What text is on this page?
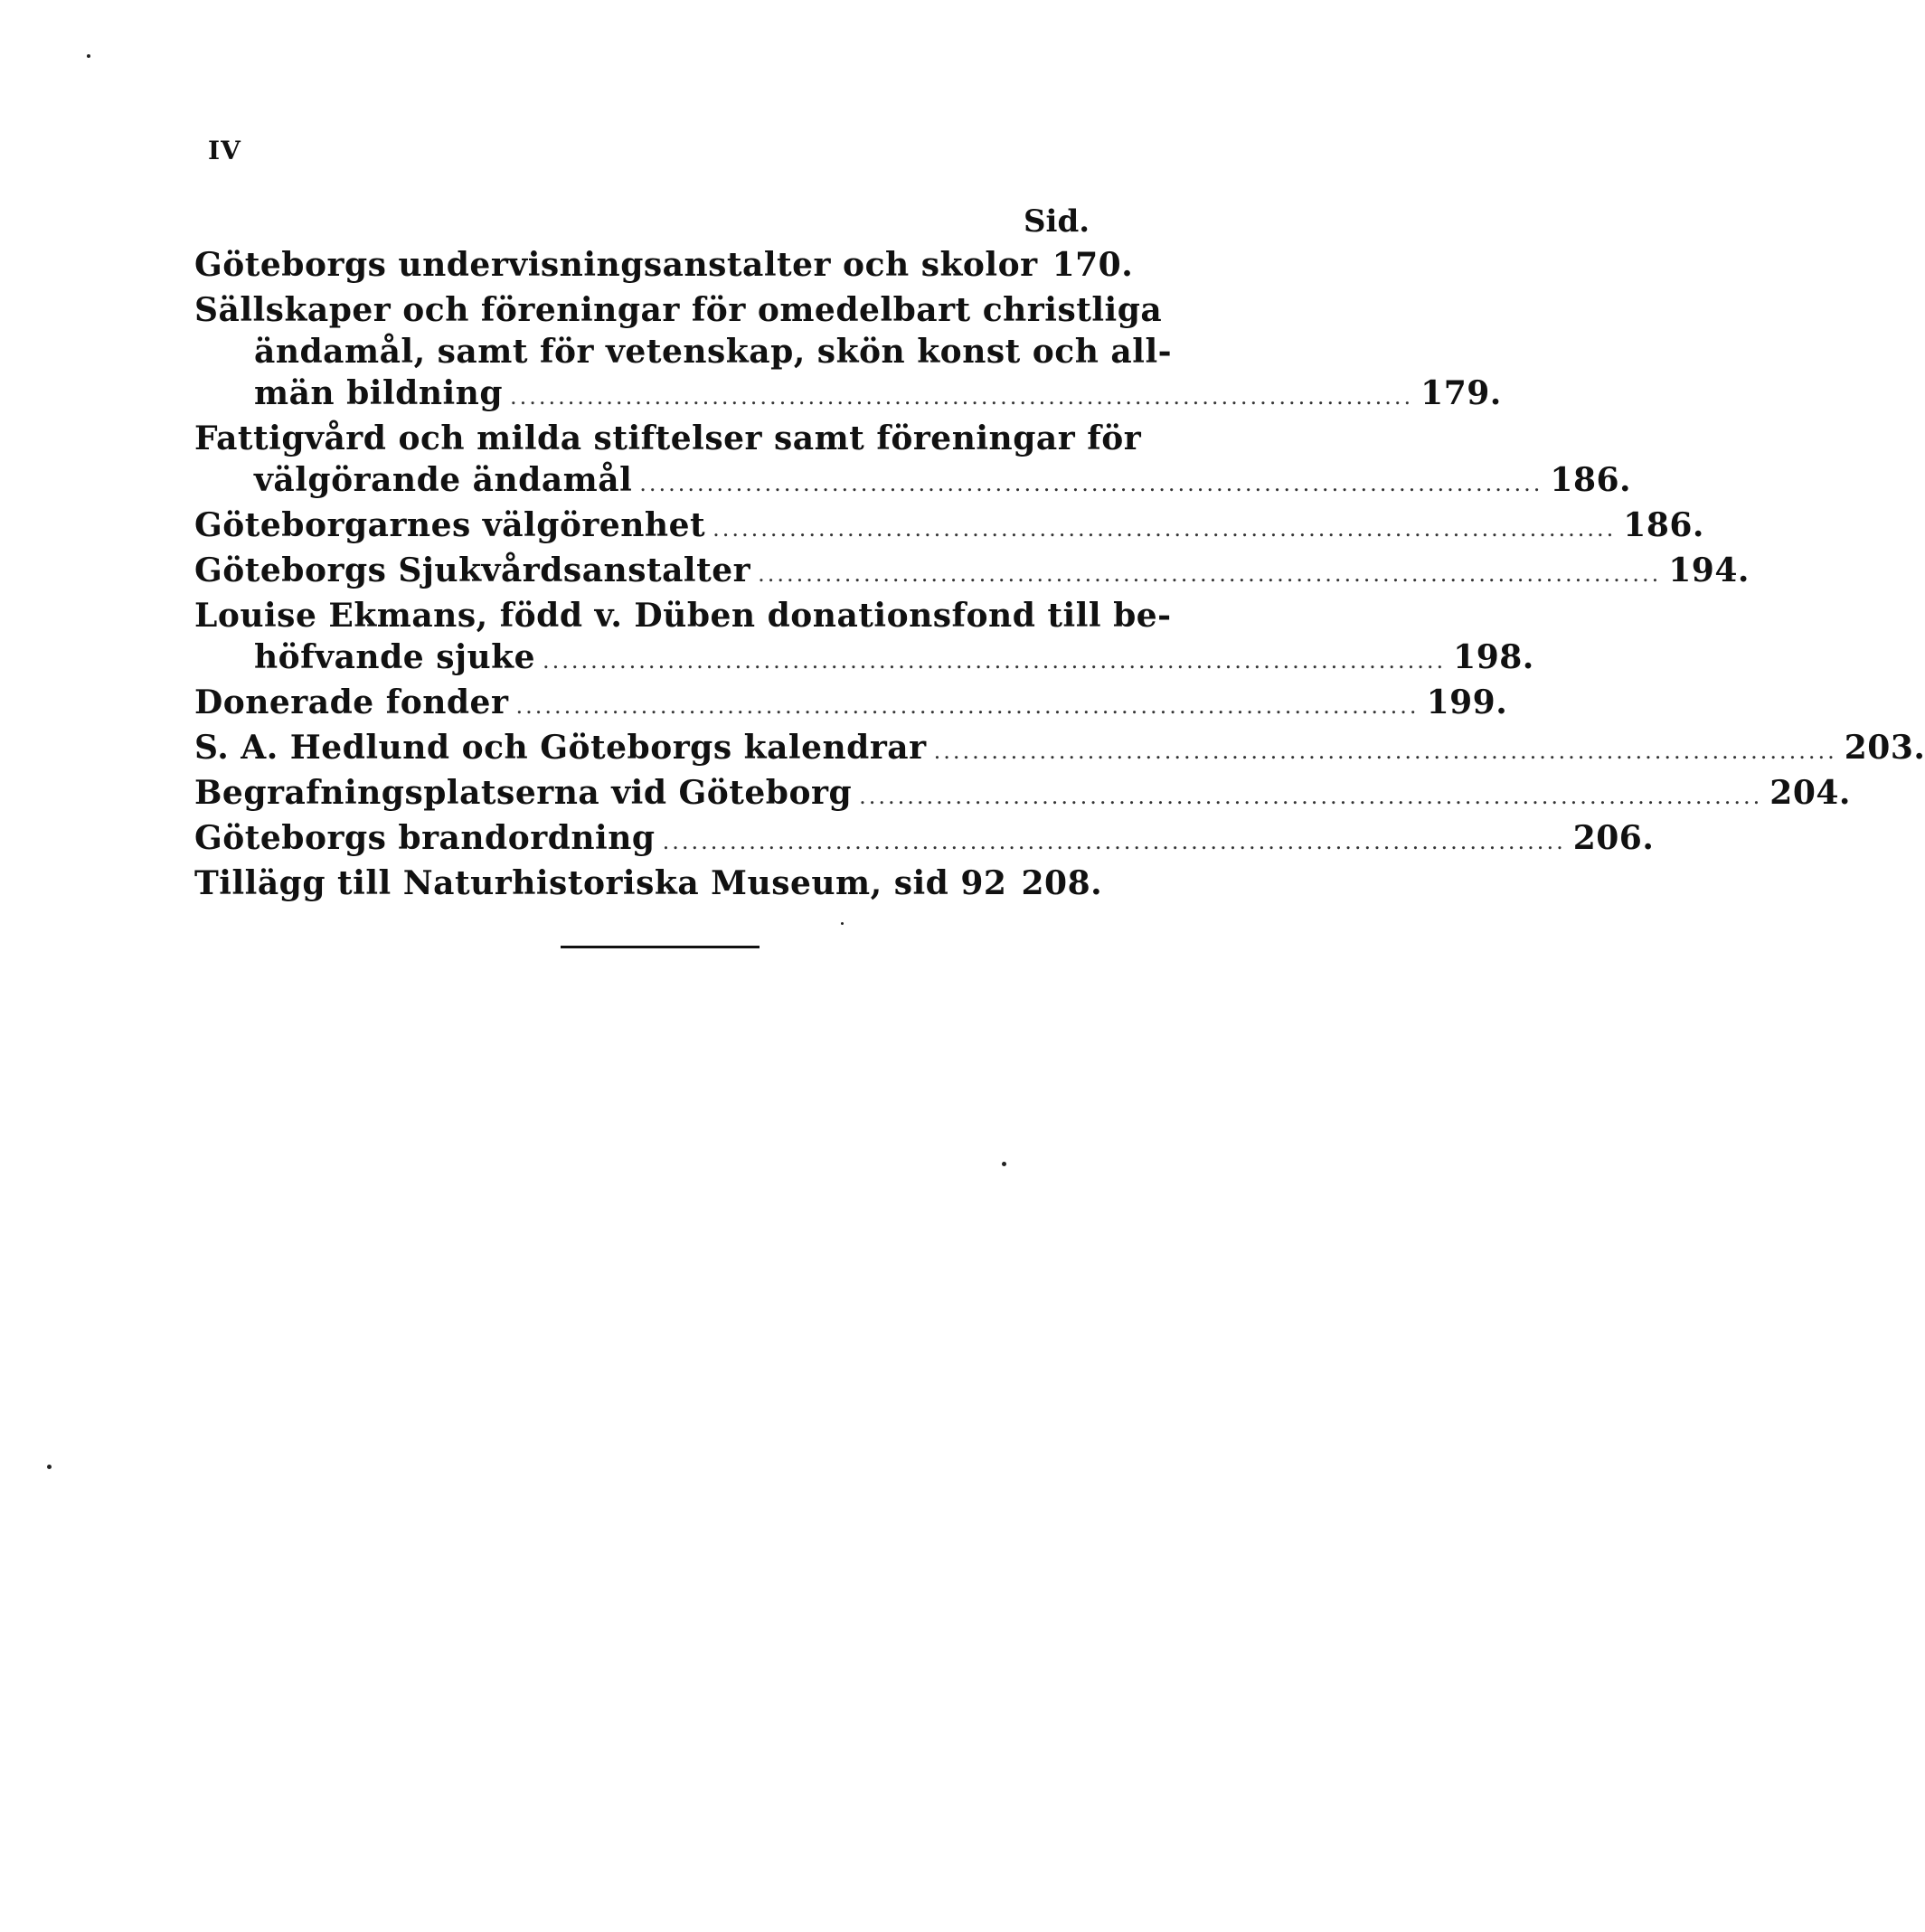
IV
Sid.
Göteborgs undervisningsanstalter och skolor 170.
Sällskaper och föreningar för omedelbart christliga
ändamål, samt för vetenskap, skön konst och all-
män bildning .............................................................................................. 179.
Fattigvård och milda stiftelser samt föreningar för
välgörande ändamål .............................................................................................. 186.
Göteborgarnes välgörenhet .............................................................................................. 186.
Göteborgs Sjukvårdsanstalter .............................................................................................. 194.
Louise Ekmans, född v. Düben donationsfond till be-
höfvande sjuke .............................................................................................. 198.
Donerade fonder .............................................................................................. 199.
S. A. Hedlund och Göteborgs kalendrar .............................................................................................. 203.
Begrafningsplatserna vid Göteborg .............................................................................................. 204.
Göteborgs brandordning .............................................................................................. 206.
Tillägg till Naturhistoriska Museum, sid 92 208.
